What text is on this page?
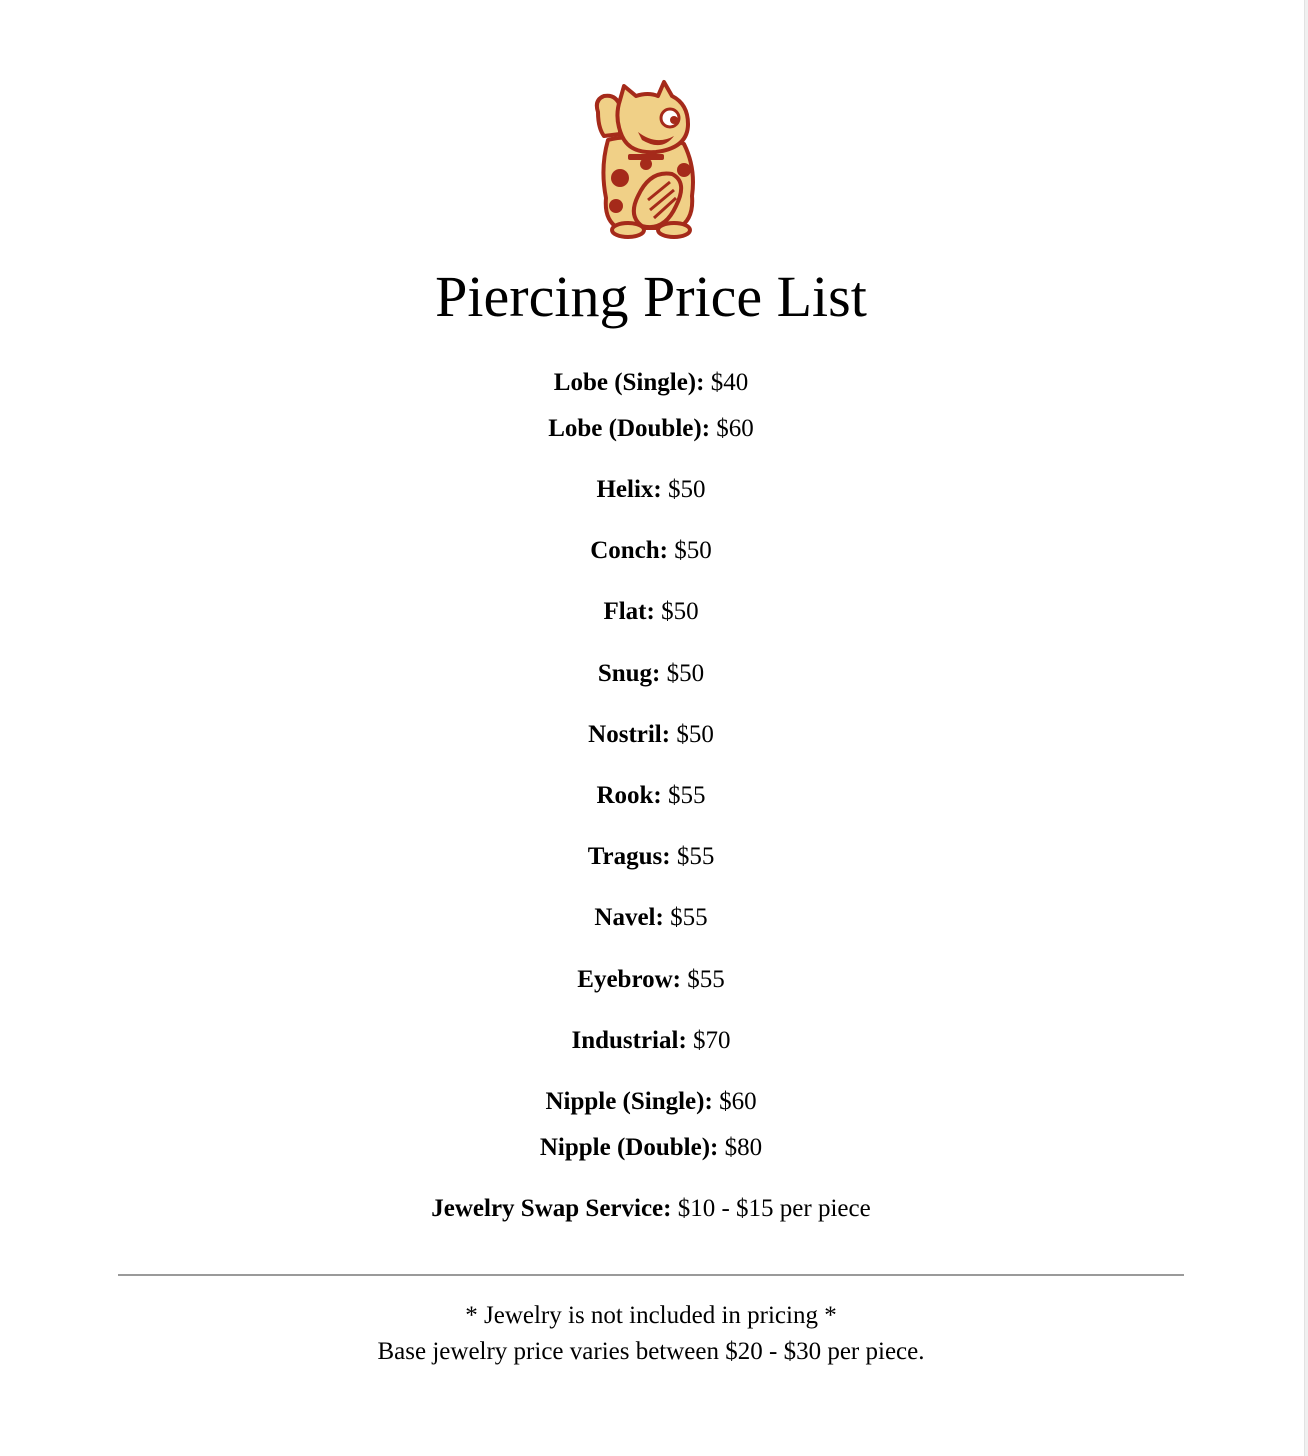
Piercing Price List
Lobe (Single): $40
Lobe (Double): $60
Helix: $50
Conch: $50
Flat: $50
Snug: $50
Nostril: $50
Rook: $55
Tragus: $55
Navel: $55
Eyebrow: $55
Industrial: $70
Nipple (Single): $60
Nipple (Double): $80
Jewelry Swap Service: $10 - $15 per piece
* Jewelry is not included in pricing *
Base jewelry price varies between $20 - $30 per piece.
